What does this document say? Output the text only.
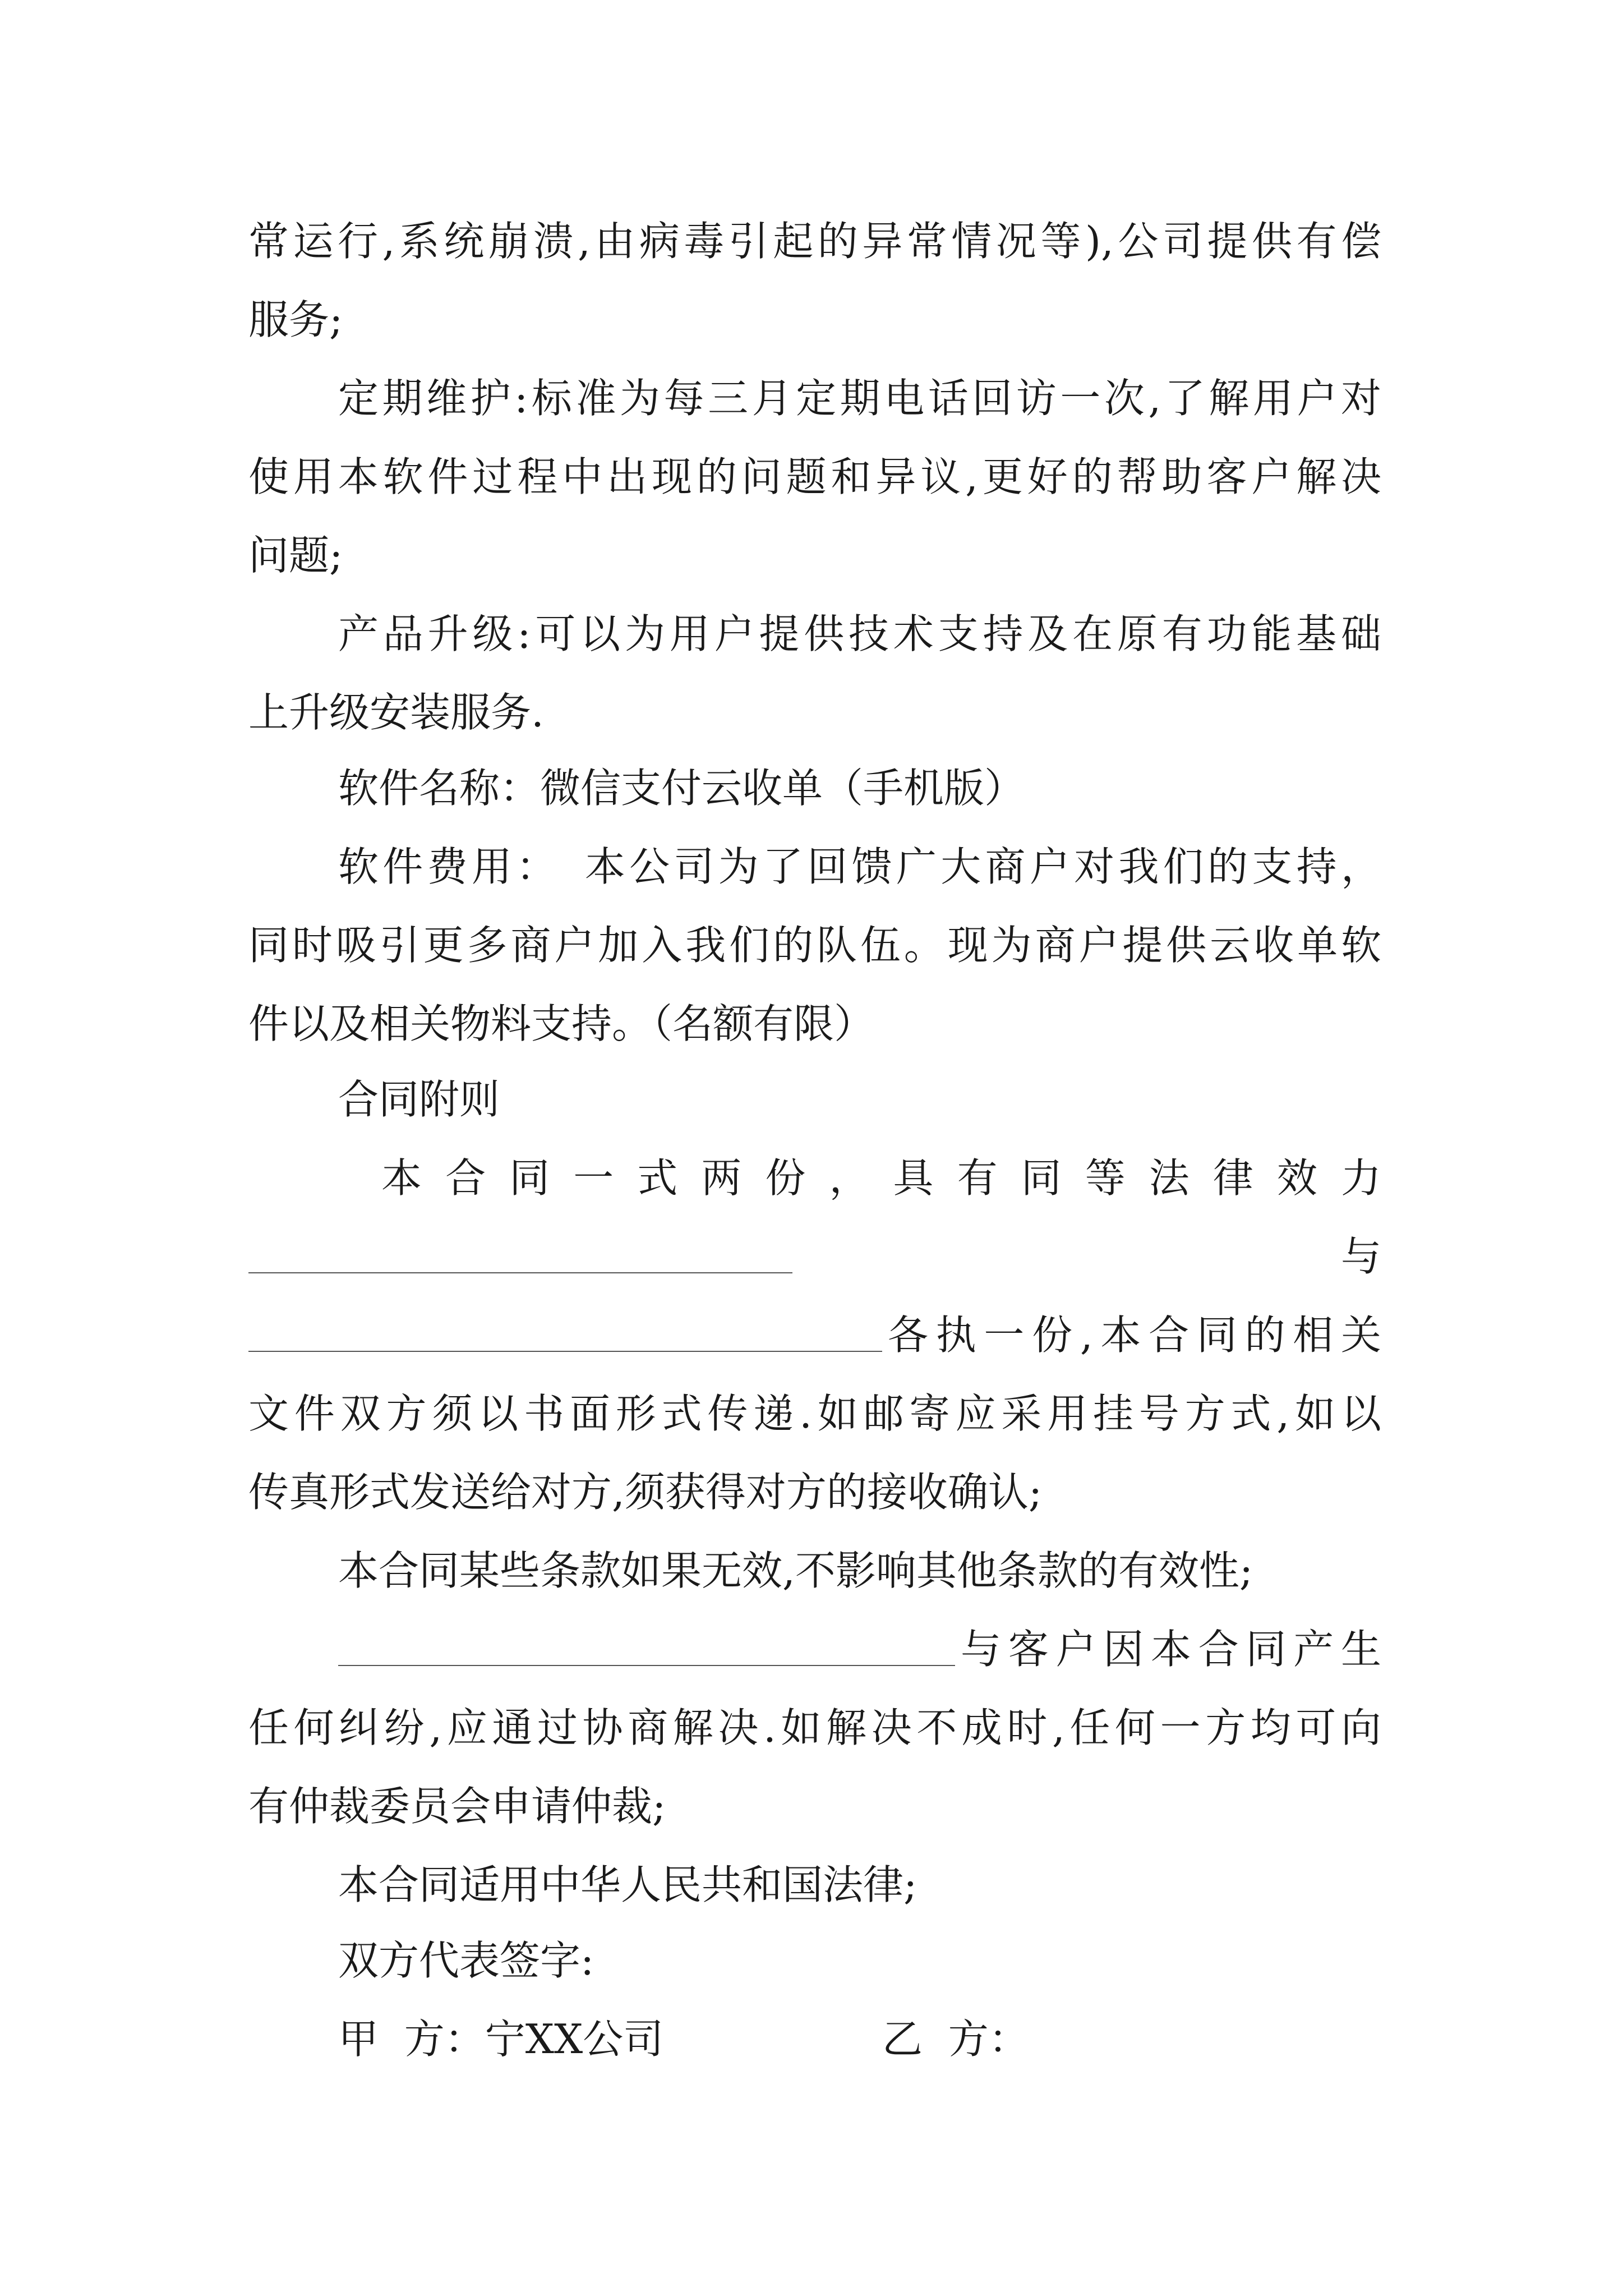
常运行,系统崩溃,由病毒引起的异常情况等),公司提供有偿
服务;
定期维护:标准为每三月定期电话回访一次,了解用户对
使用本软件过程中出现的问题和异议,更好的帮助客户解决
问题;
产品升级:可以为用户提供技术支持及在原有功能基础
上升级安装服务.
软件名称：微信支付云收单（手机版）
软件费用：　本公司为了回馈广大商户对我们的支持，
同时吸引更多商户加入我们的队伍。现为商户提供云收单软
件以及相关物料支持。（名额有限）
合同附则
本 合 同 一 式 两 份 ， 具 有 同 等 法 律 效 力
与
各执一份,本合同的相关
文件双方须以书面形式传递.如邮寄应采用挂号方式,如以
传真形式发送给对方,须获得对方的接收确认;
本合同某些条款如果无效,不影响其他条款的有效性;
与客户因本合同产生
任何纠纷,应通过协商解决.如解决不成时,任何一方均可向
有仲裁委员会申请仲裁;
本合同适用中华人民共和国法律;
双方代表签字:
甲  方：宁XX公司	乙  方：
